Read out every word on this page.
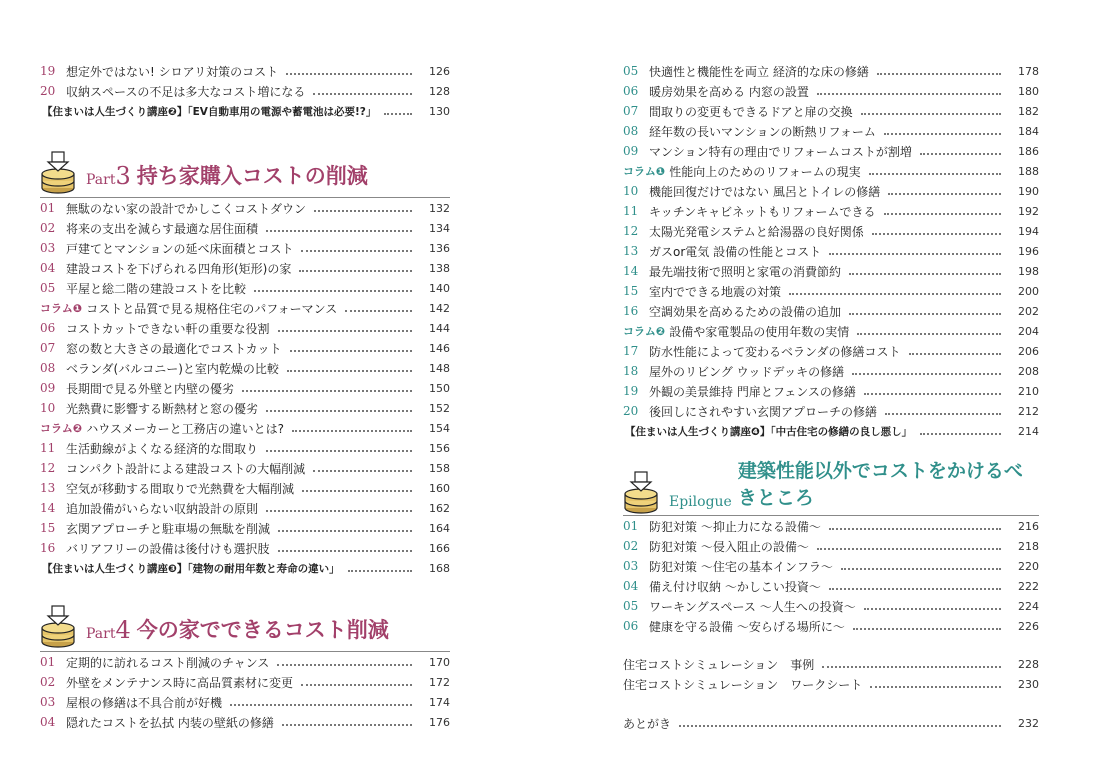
19 想定外ではない! シロアリ対策のコスト	126
20 収納スペースの不足は多大なコスト増になる	128
【住まいは人生づくり講座❷】「EV自動車用の電源や蓄電池は必要!?」	130
Part3 持ち家購入コストの削減
01 無駄のない家の設計でかしこくコストダウン	132
02 将来の支出を減らす最適な居住面積	134
03 戸建てとマンションの延べ床面積とコスト	136
04 建設コストを下げられる四角形(矩形)の家	138
05 平屋と総二階の建設コストを比較	140
コラム❶ コストと品質で見る規格住宅のパフォーマンス	142
06 コストカットできない軒の重要な役割	144
07 窓の数と大きさの最適化でコストカット	146
08 ベランダ(バルコニー)と室内乾燥の比較	148
09 長期間で見る外壁と内壁の優劣	150
10 光熱費に影響する断熱材と窓の優劣	152
コラム❷ ハウスメーカーと工務店の違いとは?	154
11 生活動線がよくなる経済的な間取り	156
12 コンパクト設計による建設コストの大幅削減	158
13 空気が移動する間取りで光熱費を大幅削減	160
14 追加設備がいらない収納設計の原則	162
15 玄関アプローチと駐車場の無駄を削減	164
16 バリアフリーの設備は後付けも選択肢	166
【住まいは人生づくり講座❸】「建物の耐用年数と寿命の違い」	168
Part4 今の家でできるコスト削減
01 定期的に訪れるコスト削減のチャンス	170
02 外壁をメンテナンス時に高品質素材に変更	172
03 屋根の修繕は不具合前が好機	174
04 隠れたコストを払拭 内装の壁紙の修繕	176
05 快適性と機能性を両立 経済的な床の修繕	178
06 暖房効果を高める 内窓の設置	180
07 間取りの変更もできるドアと扉の交換	182
08 経年数の長いマンションの断熱リフォーム	184
09 マンション特有の理由でリフォームコストが割増	186
コラム❶ 性能向上のためのリフォームの現実	188
10 機能回復だけではない 風呂とトイレの修繕	190
11 キッチンキャビネットもリフォームできる	192
12 太陽光発電システムと給湯器の良好関係	194
13 ガスor電気 設備の性能とコスト	196
14 最先端技術で照明と家電の消費節約	198
15 室内でできる地震の対策	200
16 空調効果を高めるための設備の追加	202
コラム❷ 設備や家電製品の使用年数の実情	204
17 防水性能によって変わるベランダの修繕コスト	206
18 屋外のリビング ウッドデッキの修繕	208
19 外観の美景維持 門扉とフェンスの修繕	210
20 後回しにされやすい玄関アプローチの修繕	212
【住まいは人生づくり講座❹】「中古住宅の修繕の良し悪し」	214
Epilogue
建築性能以外でコストをかけるべきところ
01 防犯対策 〜抑止力になる設備〜	216
02 防犯対策 〜侵入阻止の設備〜	218
03 防犯対策 〜住宅の基本インフラ〜	220
04 備え付け収納 〜かしこい投資〜	222
05 ワーキングスペース 〜人生への投資〜	224
06 健康を守る設備 〜安らげる場所に〜	226
住宅コストシミュレーション　事例	228
住宅コストシミュレーション　ワークシート	230
あとがき	232
